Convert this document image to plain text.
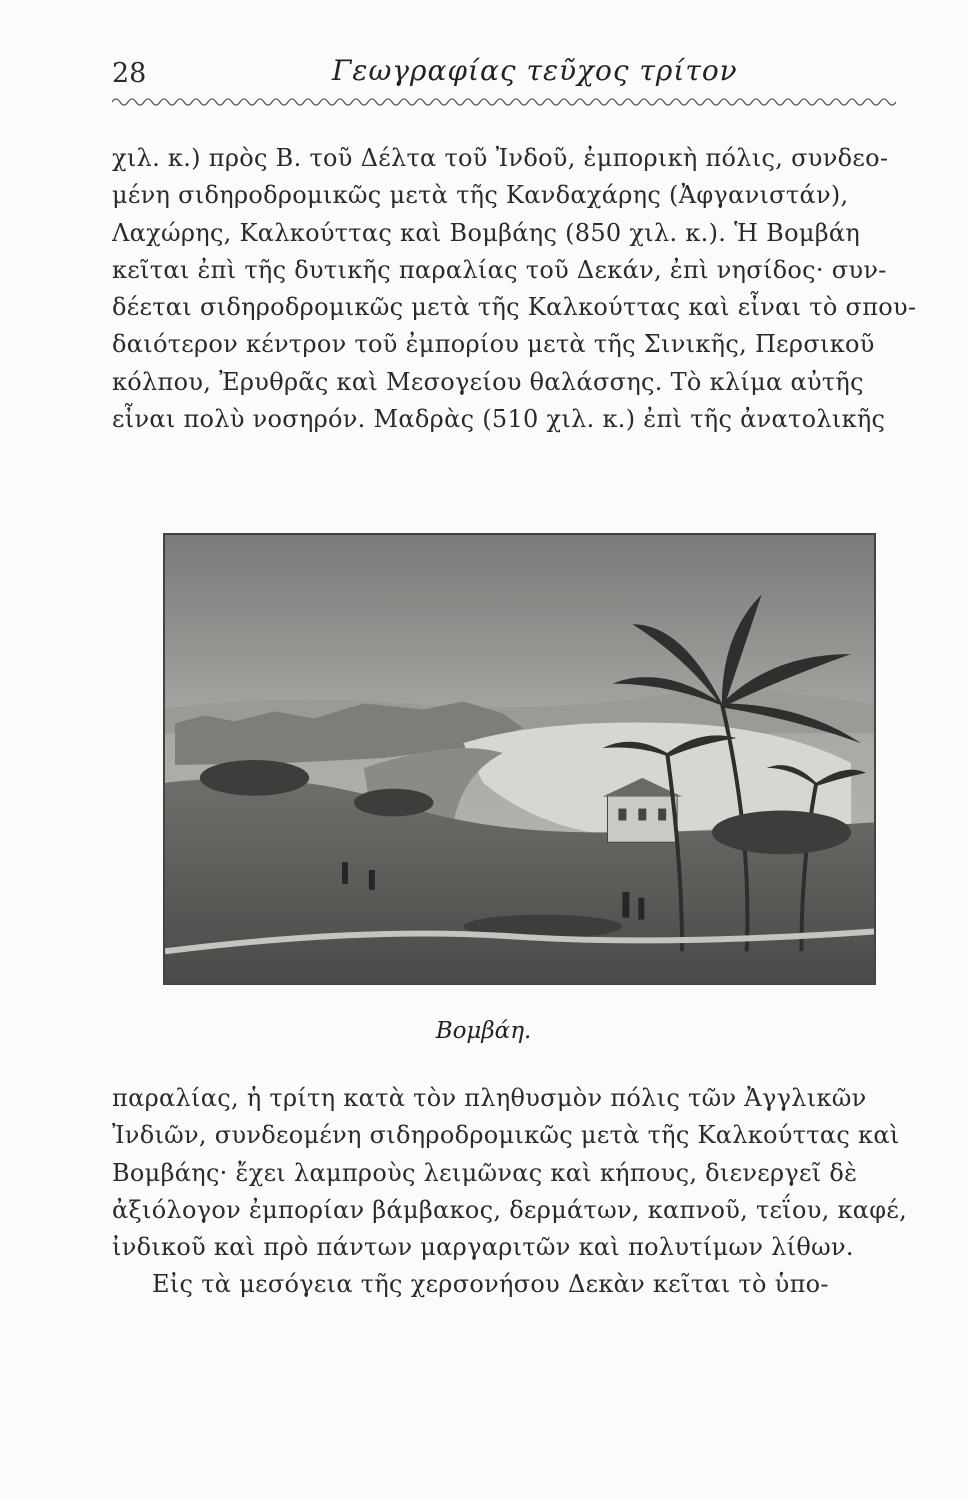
28	Γεωγραφίας τεῦχος τρίτον

χιλ. κ.) πρὸς Β. τοῦ Δέλτα τοῦ Ἰνδοῦ, ἐμπορικὴ πόλις, συνδεο-
μένη σιδηροδρομικῶς μετὰ τῆς Κανδαχάρης (Ἀφγανιστάν),
Λαχώρης, Καλκούττας καὶ Βομβάης (850 χιλ. κ.). Ἡ Βομβάη
κεῖται ἐπὶ τῆς δυτικῆς παραλίας τοῦ Δεκάν, ἐπὶ νησίδος· συν-
δέεται σιδηροδρομικῶς μετὰ τῆς Καλκούττας καὶ εἶναι τὸ σπου-
δαιότερον κέντρον τοῦ ἐμπορίου μετὰ τῆς Σινικῆς, Περσικοῦ
κόλπου, Ἐρυθρᾶς καὶ Μεσογείου θαλάσσης. Τὸ κλίμα αὐτῆς
εἶναι πολὺ νοσηρόν. Μαδρὰς (510 χιλ. κ.) ἐπὶ τῆς ἀνατολικῆς

Βομβάη.

παραλίας, ἡ τρίτη κατὰ τὸν πληθυσμὸν πόλις τῶν Ἀγγλικῶν
Ἰνδιῶν, συνδεομένη σιδηροδρομικῶς μετὰ τῆς Καλκούττας καὶ
Βομβάης· ἔχει λαμπροὺς λειμῶνας καὶ κήπους, διενεργεῖ δὲ
ἀξιόλογον ἐμπορίαν βάμβακος, δερμάτων, καπνοῦ, τεΐου, καφέ,
ἰνδικοῦ καὶ πρὸ πάντων μαργαριτῶν καὶ πολυτίμων λίθων.
Εἰς τὰ μεσόγεια τῆς χερσονήσου Δεκὰν κεῖται τὸ ὑπο-
